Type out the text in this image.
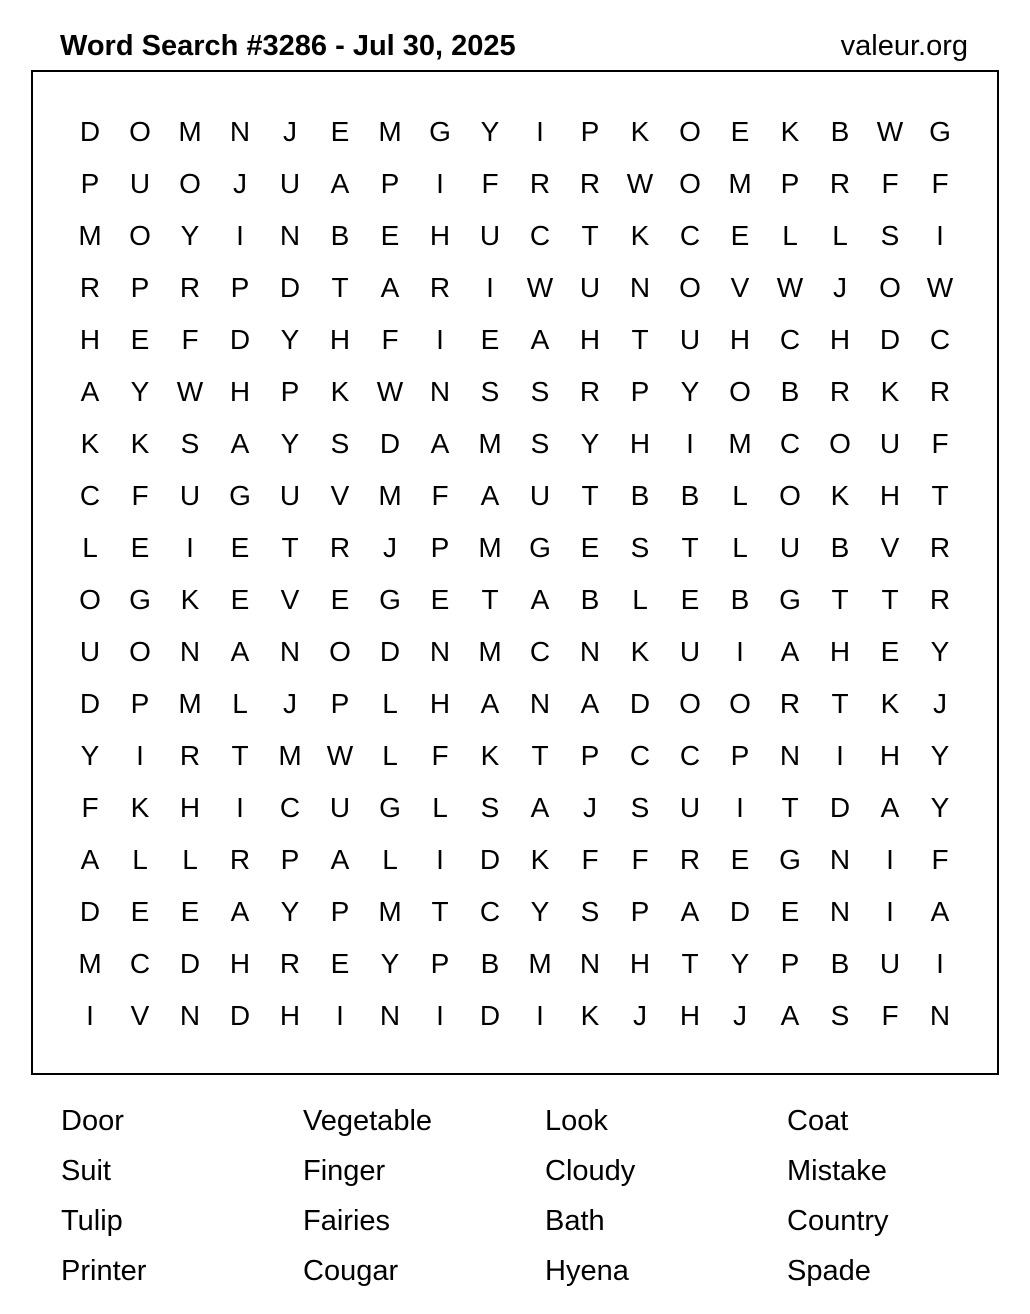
Word Search #3286 - Jul 30, 2025	valeur.org
D	O M	N	J	E	M G	Y	I	P	K	O	E	K	B W G
P	U	O	J	U	A	P	I	F	R	R W O M	P	R	F	F
M O	Y	I	N	B	E	H	U	C	T	K	C	E	L	L	S	I
R	P	R	P	D	T	A	R	I	W U	N	O	V W	J	O W
H	E	F	D	Y	H	F	I	E	A	H	T	U	H	C	H	D	C
A	Y W H	P	K W N	S	S	R	P	Y	O	B	R	K	R
K	K	S	A	Y	S	D	A	M	S	Y	H	I	M	C	O	U	F
C	F	U	G	U	V	M	F	A	U	T	B	B	L	O	K	H	T
L	E	I	E	T	R	J	P	M G	E	S	T	L	U	B	V	R
O	G	K	E	V	E	G	E	T	A	B	L	E	B	G	T	T	R
U	O	N	A	N	O	D	N	M	C	N	K	U	I	A	H	E	Y
D	P	M	L	J	P	L	H	A	N	A	D	O	O	R	T	K	J
Y	I	R	T	M W	L	F	K	T	P	C	C	P	N	I	H	Y
F	K	H	I	C	U	G	L	S	A	J	S	U	I	T	D	A	Y
A	L	L	R	P	A	L	I	D	K	F	F	R	E	G	N	I	F
D	E	E	A	Y	P	M	T	C	Y	S	P	A	D	E	N	I	A
M	C	D	H	R	E	Y	P	B	M	N	H	T	Y	P	B	U	I
I	V	N	D	H	I	N	I	D	I	K	J	H	J	A	S	F	N
Door	Vegetable	Look	Coat
Suit	Finger	Cloudy	Mistake
Tulip	Fairies	Bath	Country
Printer	Cougar	Hyena	Spade
